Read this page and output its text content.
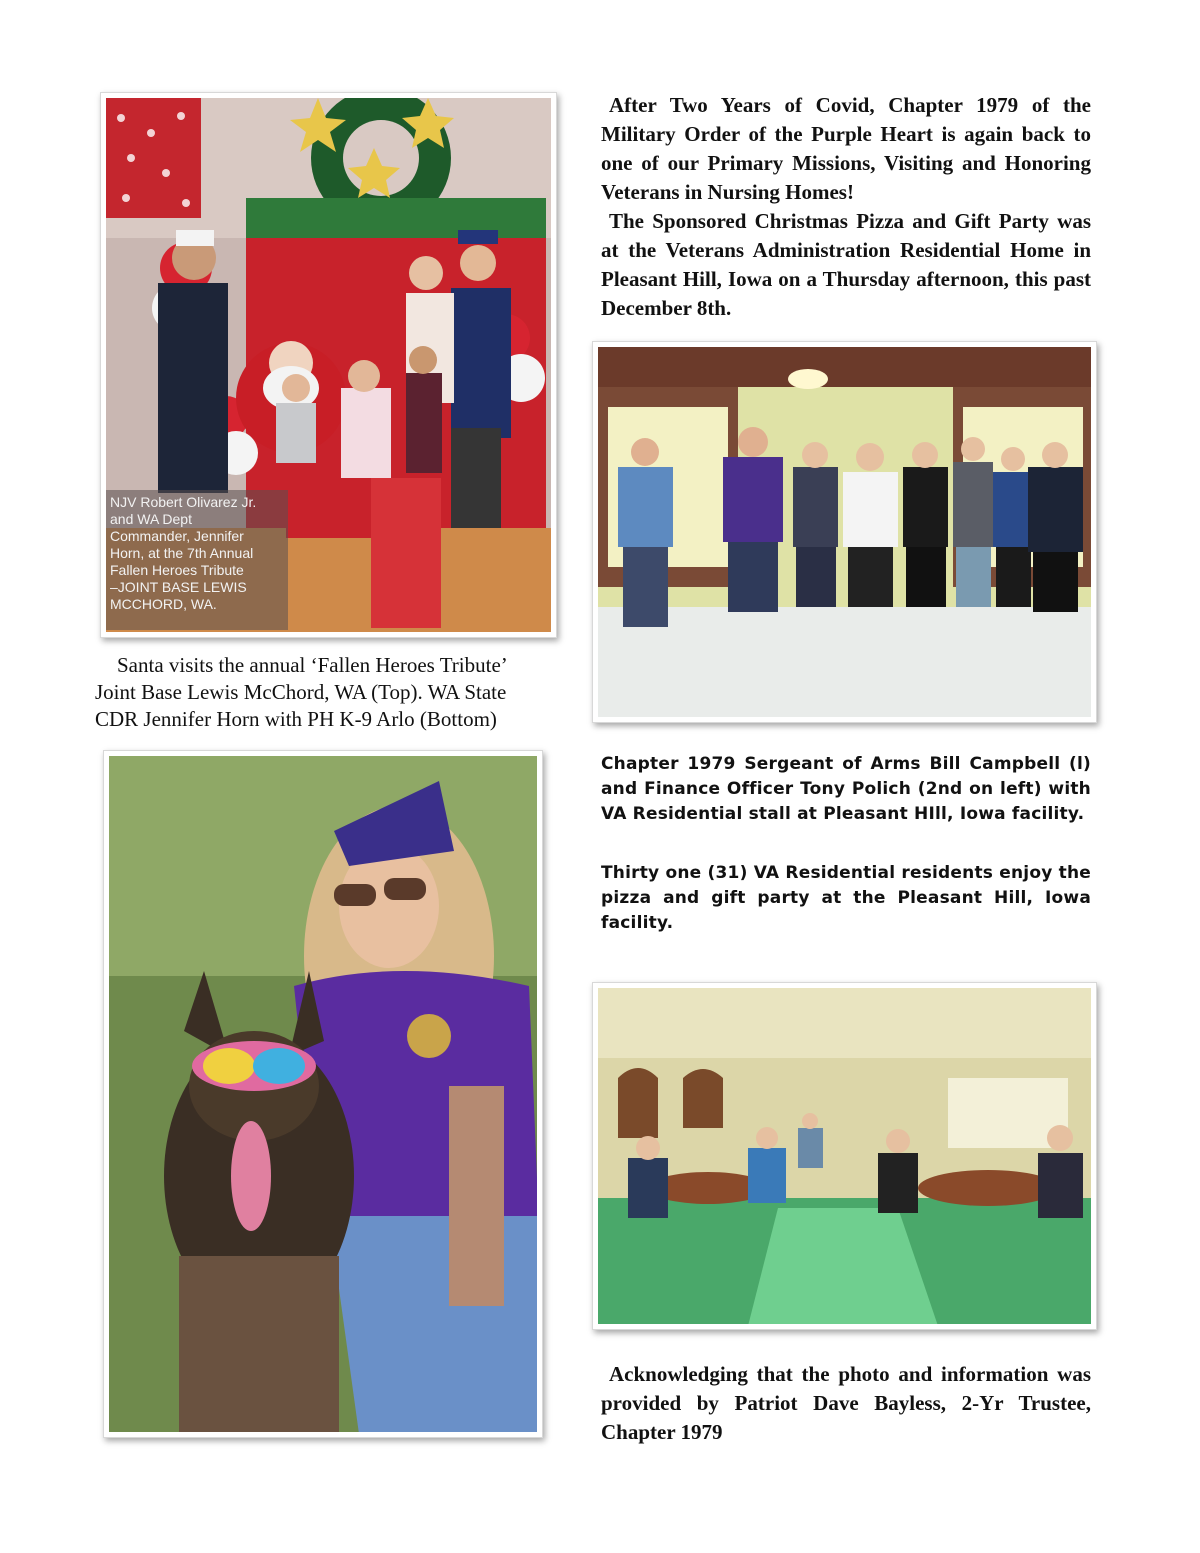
NJV Robert Olivarez Jr.
and WA Dept
Commander, Jennifer
Horn, at the 7th Annual
Fallen Heroes Tribute
–JOINT BASE LEWIS
MCCHORD, WA.

After Two Years of Covid, Chapter 1979 of the Military Order of the Purple Heart is again back to one of our Primary Missions, Visiting and Honoring Veterans in Nursing Homes!

The Sponsored Christmas Pizza and Gift Party was at the Veterans Administration Residential Home in Pleasant Hill, Iowa on a Thursday afternoon, this past December 8th.

Santa visits the annual ‘Fallen Heroes Tribute’
Joint Base Lewis McChord, WA (Top). WA State
CDR Jennifer Horn with PH K-9 Arlo (Bottom)

Chapter 1979 Sergeant of Arms Bill Campbell (l) and Finance Officer Tony Polich (2nd on left) with VA Residential stall at Pleasant HIll, Iowa facility.

Thirty one (31) VA Residential residents enjoy the pizza and gift party at the Pleasant Hill, Iowa facility.

Acknowledging that the photo and information was provided by Patriot Dave Bayless, 2-Yr Trustee, Chapter 1979
